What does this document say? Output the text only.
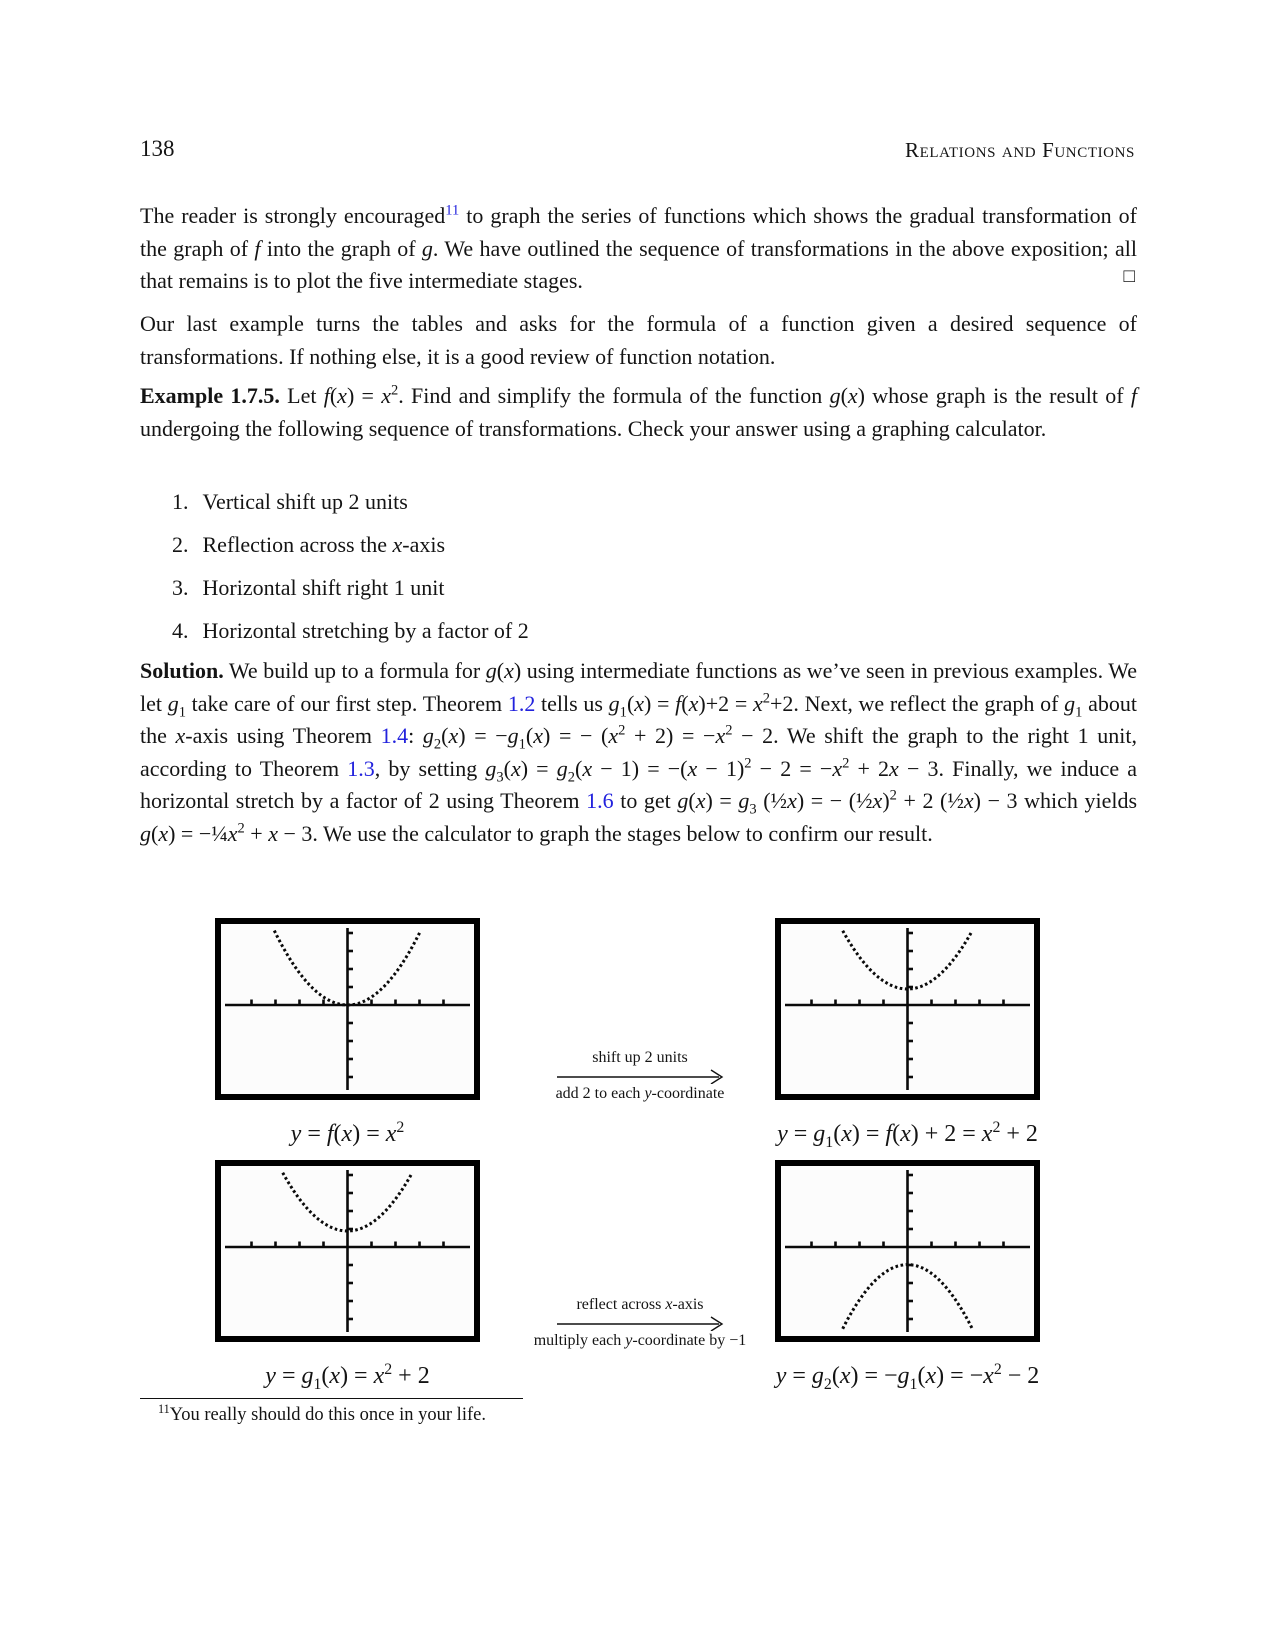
138	Relations and Functions

The reader is strongly encouraged$^{11}$ to graph the series of functions which shows the gradual transformation of the graph of f into the graph of g. We have outlined the sequence of transformations in the above exposition; all that remains is to plot the five intermediate stages.	□

Our last example turns the tables and asks for the formula of a function given a desired sequence of transformations. If nothing else, it is a good review of function notation.

Example 1.7.5. Let $f(x) = x^2$. Find and simplify the formula of the function g(x) whose graph is the result of f undergoing the following sequence of transformations. Check your answer using a graphing calculator.

1. Vertical shift up 2 units
2. Reflection across the x-axis
3. Horizontal shift right 1 unit
4. Horizontal stretching by a factor of 2

Solution. We build up to a formula for g(x) using intermediate functions as we’ve seen in previous examples. We let $g_1$ take care of our first step. Theorem 1.2 tells us $g_1(x) = f(x)+2 = x^2+2$. Next, we reflect the graph of $g_1$ about the x-axis using Theorem 1.4: $g_2(x) = -g_1(x)$ = − $(x^2 + 2) = -x^2 - 2$. We shift the graph to the right 1 unit, according to Theorem 1.3, by setting $g_3(x) = g_2(x - 1) = -(x - 1)^2 - 2 = -x^2 + 2x - 3$. Finally, we induce a horizontal stretch by a factor of 2 using Theorem 1.6 to get $g(x) = g_3$ (½x) = − (½x)$^2$ + 2 (½x) − 3 which yields $g(x) = -\frac{1}{4}x^2 + x - 3$. We use the calculator to graph the stages below to confirm our result.

shift up 2 units
add 2 to each y-coordinate
$y = f(x) = x^2$	$y = g_1(x) = f(x) + 2 = x^2 + 2$
reflect across x-axis
multiply each y-coordinate by −1
$y = g_1(x) = x^2 + 2$	$y = g_2(x) = -g_1(x) = -x^2 - 2$
$^{11}$You really should do this once in your life.
